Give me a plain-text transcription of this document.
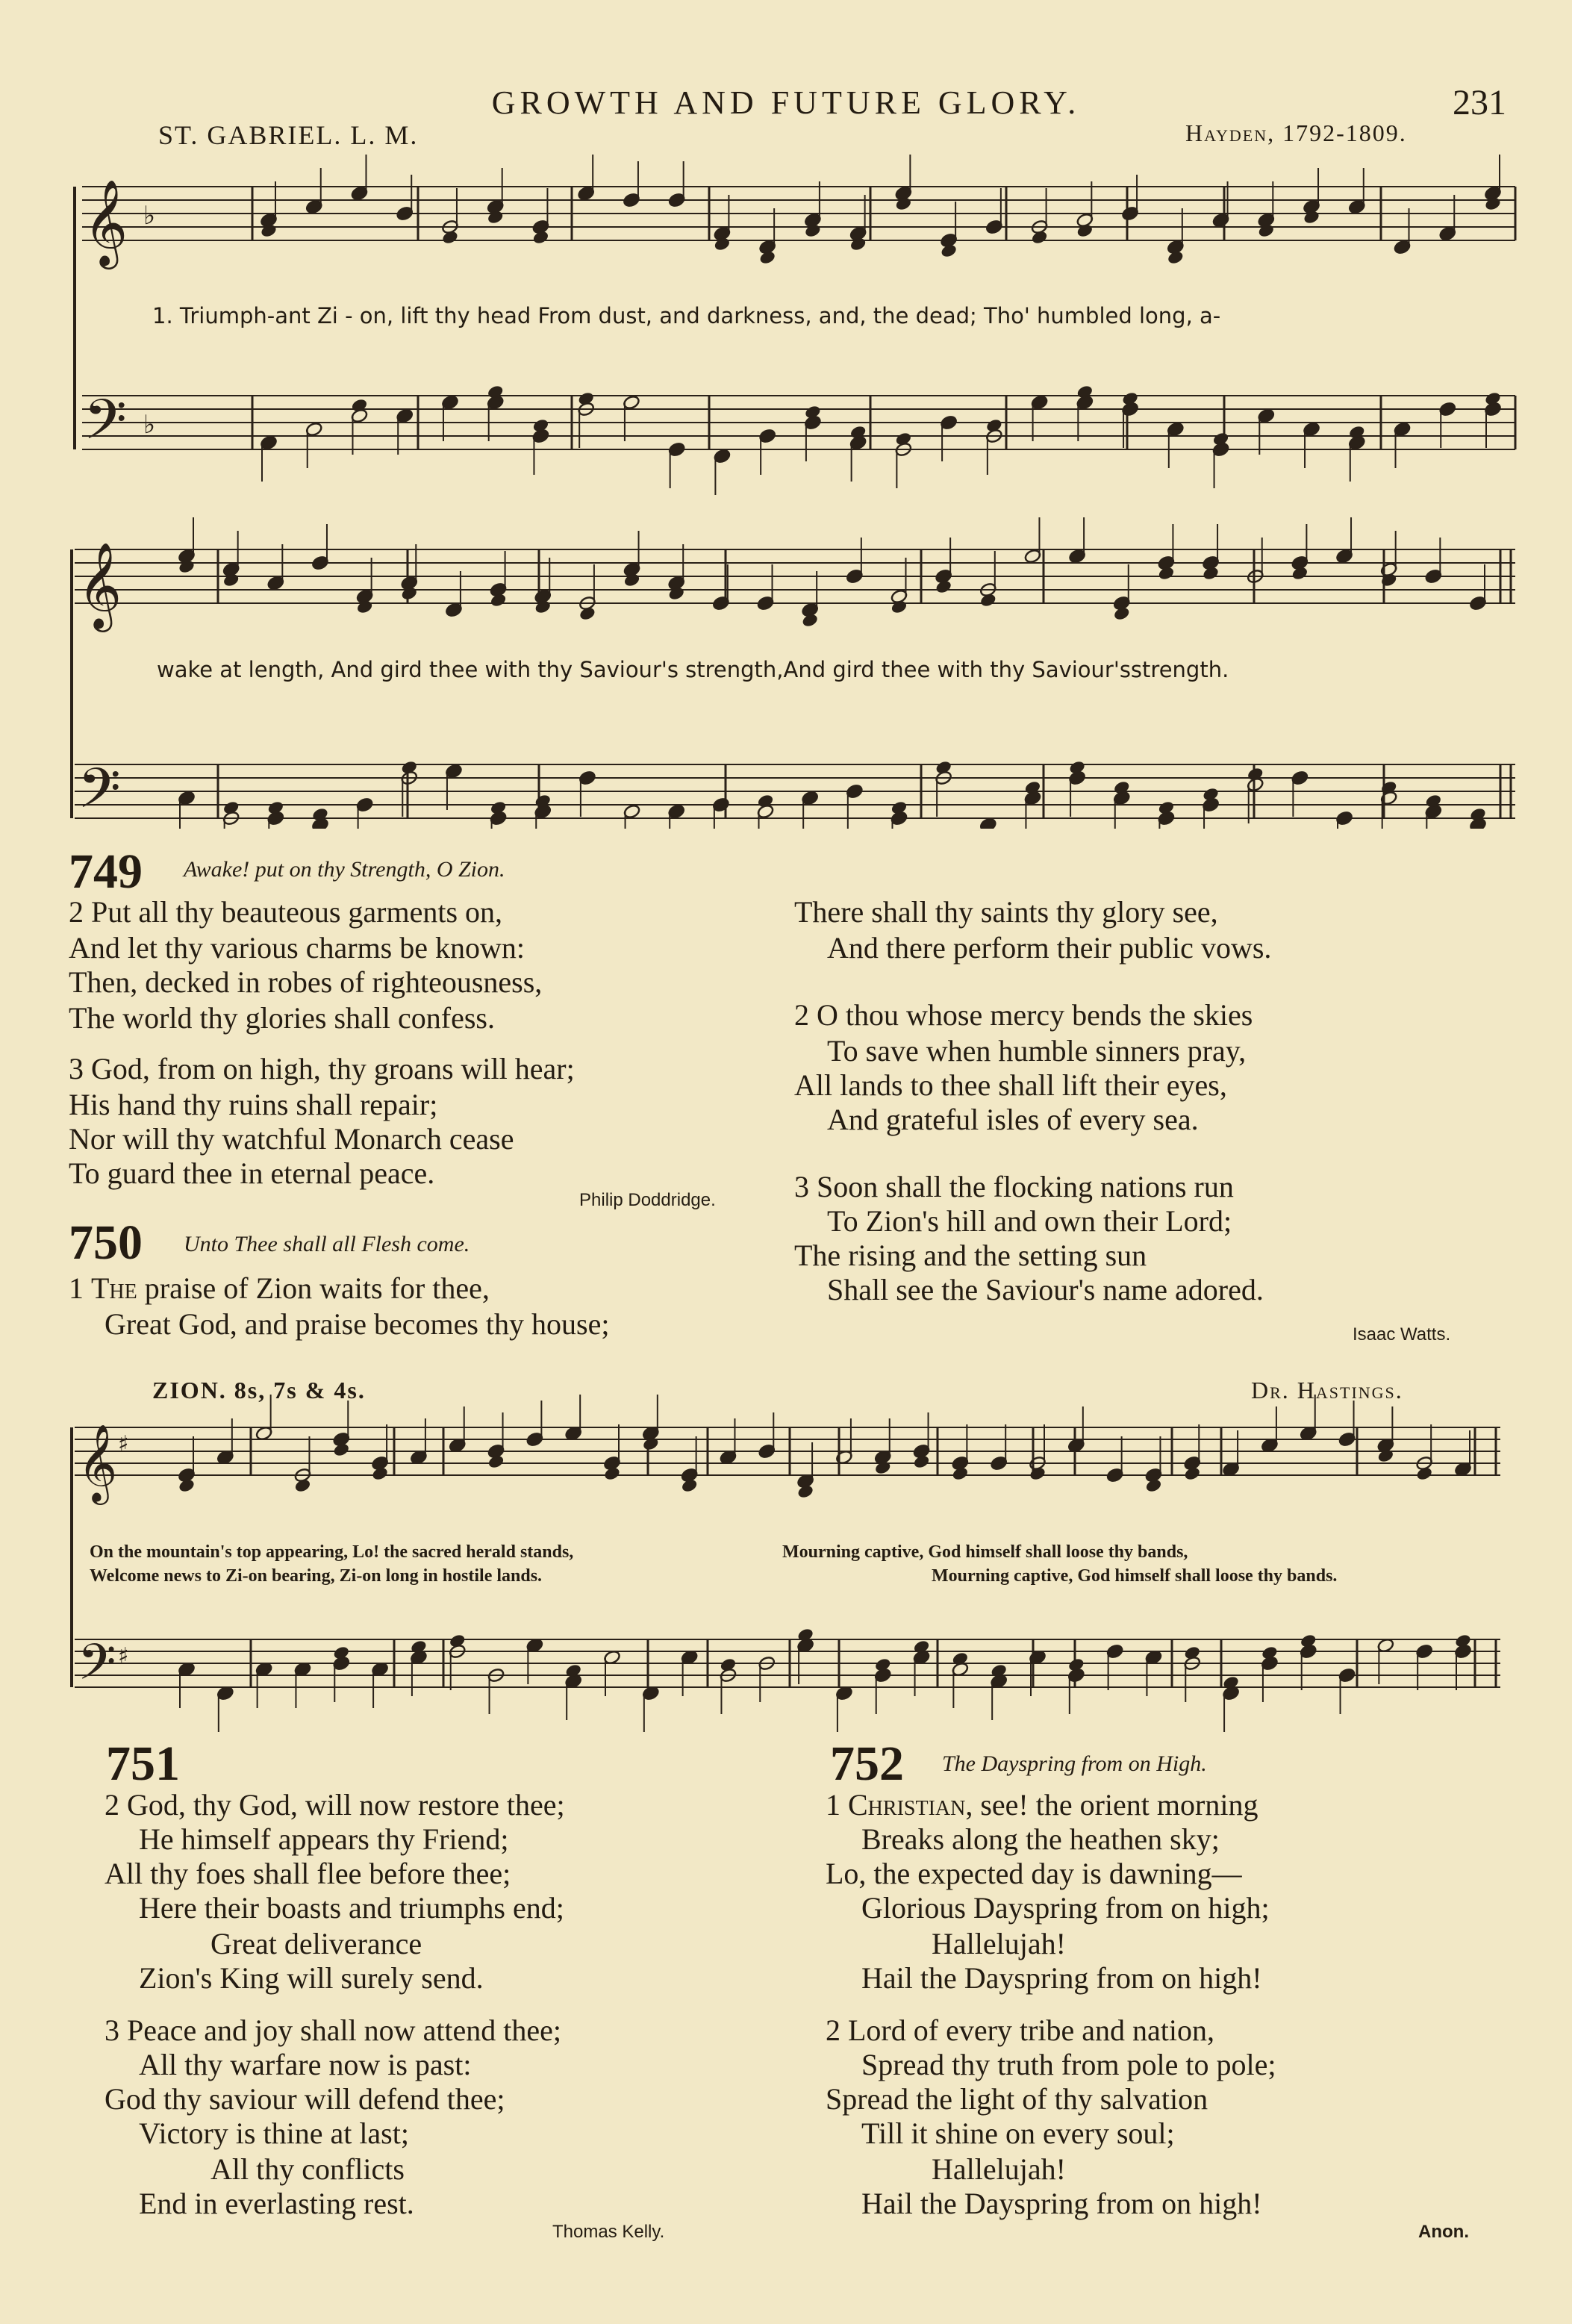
GROWTH AND FUTURE GLORY.	231
ST. GABRIEL. L. M.	Hayden, 1792-1809.
𝄞
𝄢
♭
♭
𝄞
𝄢
1. Triumph-ant Zi - on, lift thy head From dust, and darkness, and, the dead; Tho' humbled long, a-
wake at length, And gird thee with thy Saviour's strength,And gird thee with thy Saviour'sstrength.
749 Awake! put on thy Strength, O Zion.
2 Put all thy beauteous garments on,
And let thy various charms be known:
Then, decked in robes of righteousness,
The world thy glories shall confess.
3 God, from on high, thy groans will hear;
His hand thy ruins shall repair;
Nor will thy watchful Monarch cease
To guard thee in eternal peace.
Philip Doddridge.
750 Unto Thee shall all Flesh come.
1 The praise of Zion waits for thee,
Great God, and praise becomes thy house;
There shall thy saints thy glory see,
And there perform their public vows.
2 O thou whose mercy bends the skies
To save when humble sinners pray,
All lands to thee shall lift their eyes,
And grateful isles of every sea.
3 Soon shall the flocking nations run
To Zion's hill and own their Lord;
The rising and the setting sun
Shall see the Saviour's name adored.
Isaac Watts.
ZION. 8s, 7s & 4s.	Dr. Hastings.
𝄞
𝄢
♯
♯
On the mountain's top appearing, Lo! the sacred herald stands,
Welcome news to Zi-on bearing, Zi-on long in hostile lands.
Mourning captive, God himself shall loose thy bands,
Mourning captive, God himself shall loose thy bands.
751
2 God, thy God, will now restore thee;
He himself appears thy Friend;
All thy foes shall flee before thee;
Here their boasts and triumphs end;
Great deliverance
Zion's King will surely send.
3 Peace and joy shall now attend thee;
All thy warfare now is past:
God thy saviour will defend thee;
Victory is thine at last;
All thy conflicts
End in everlasting rest.
Thomas Kelly.
752 The Dayspring from on High.
1 Christian, see! the orient morning
Breaks along the heathen sky;
Lo, the expected day is dawning—
Glorious Dayspring from on high;
Hallelujah!
Hail the Dayspring from on high!
2 Lord of every tribe and nation,
Spread thy truth from pole to pole;
Spread the light of thy salvation
Till it shine on every soul;
Hallelujah!
Hail the Dayspring from on high!
Anon.
